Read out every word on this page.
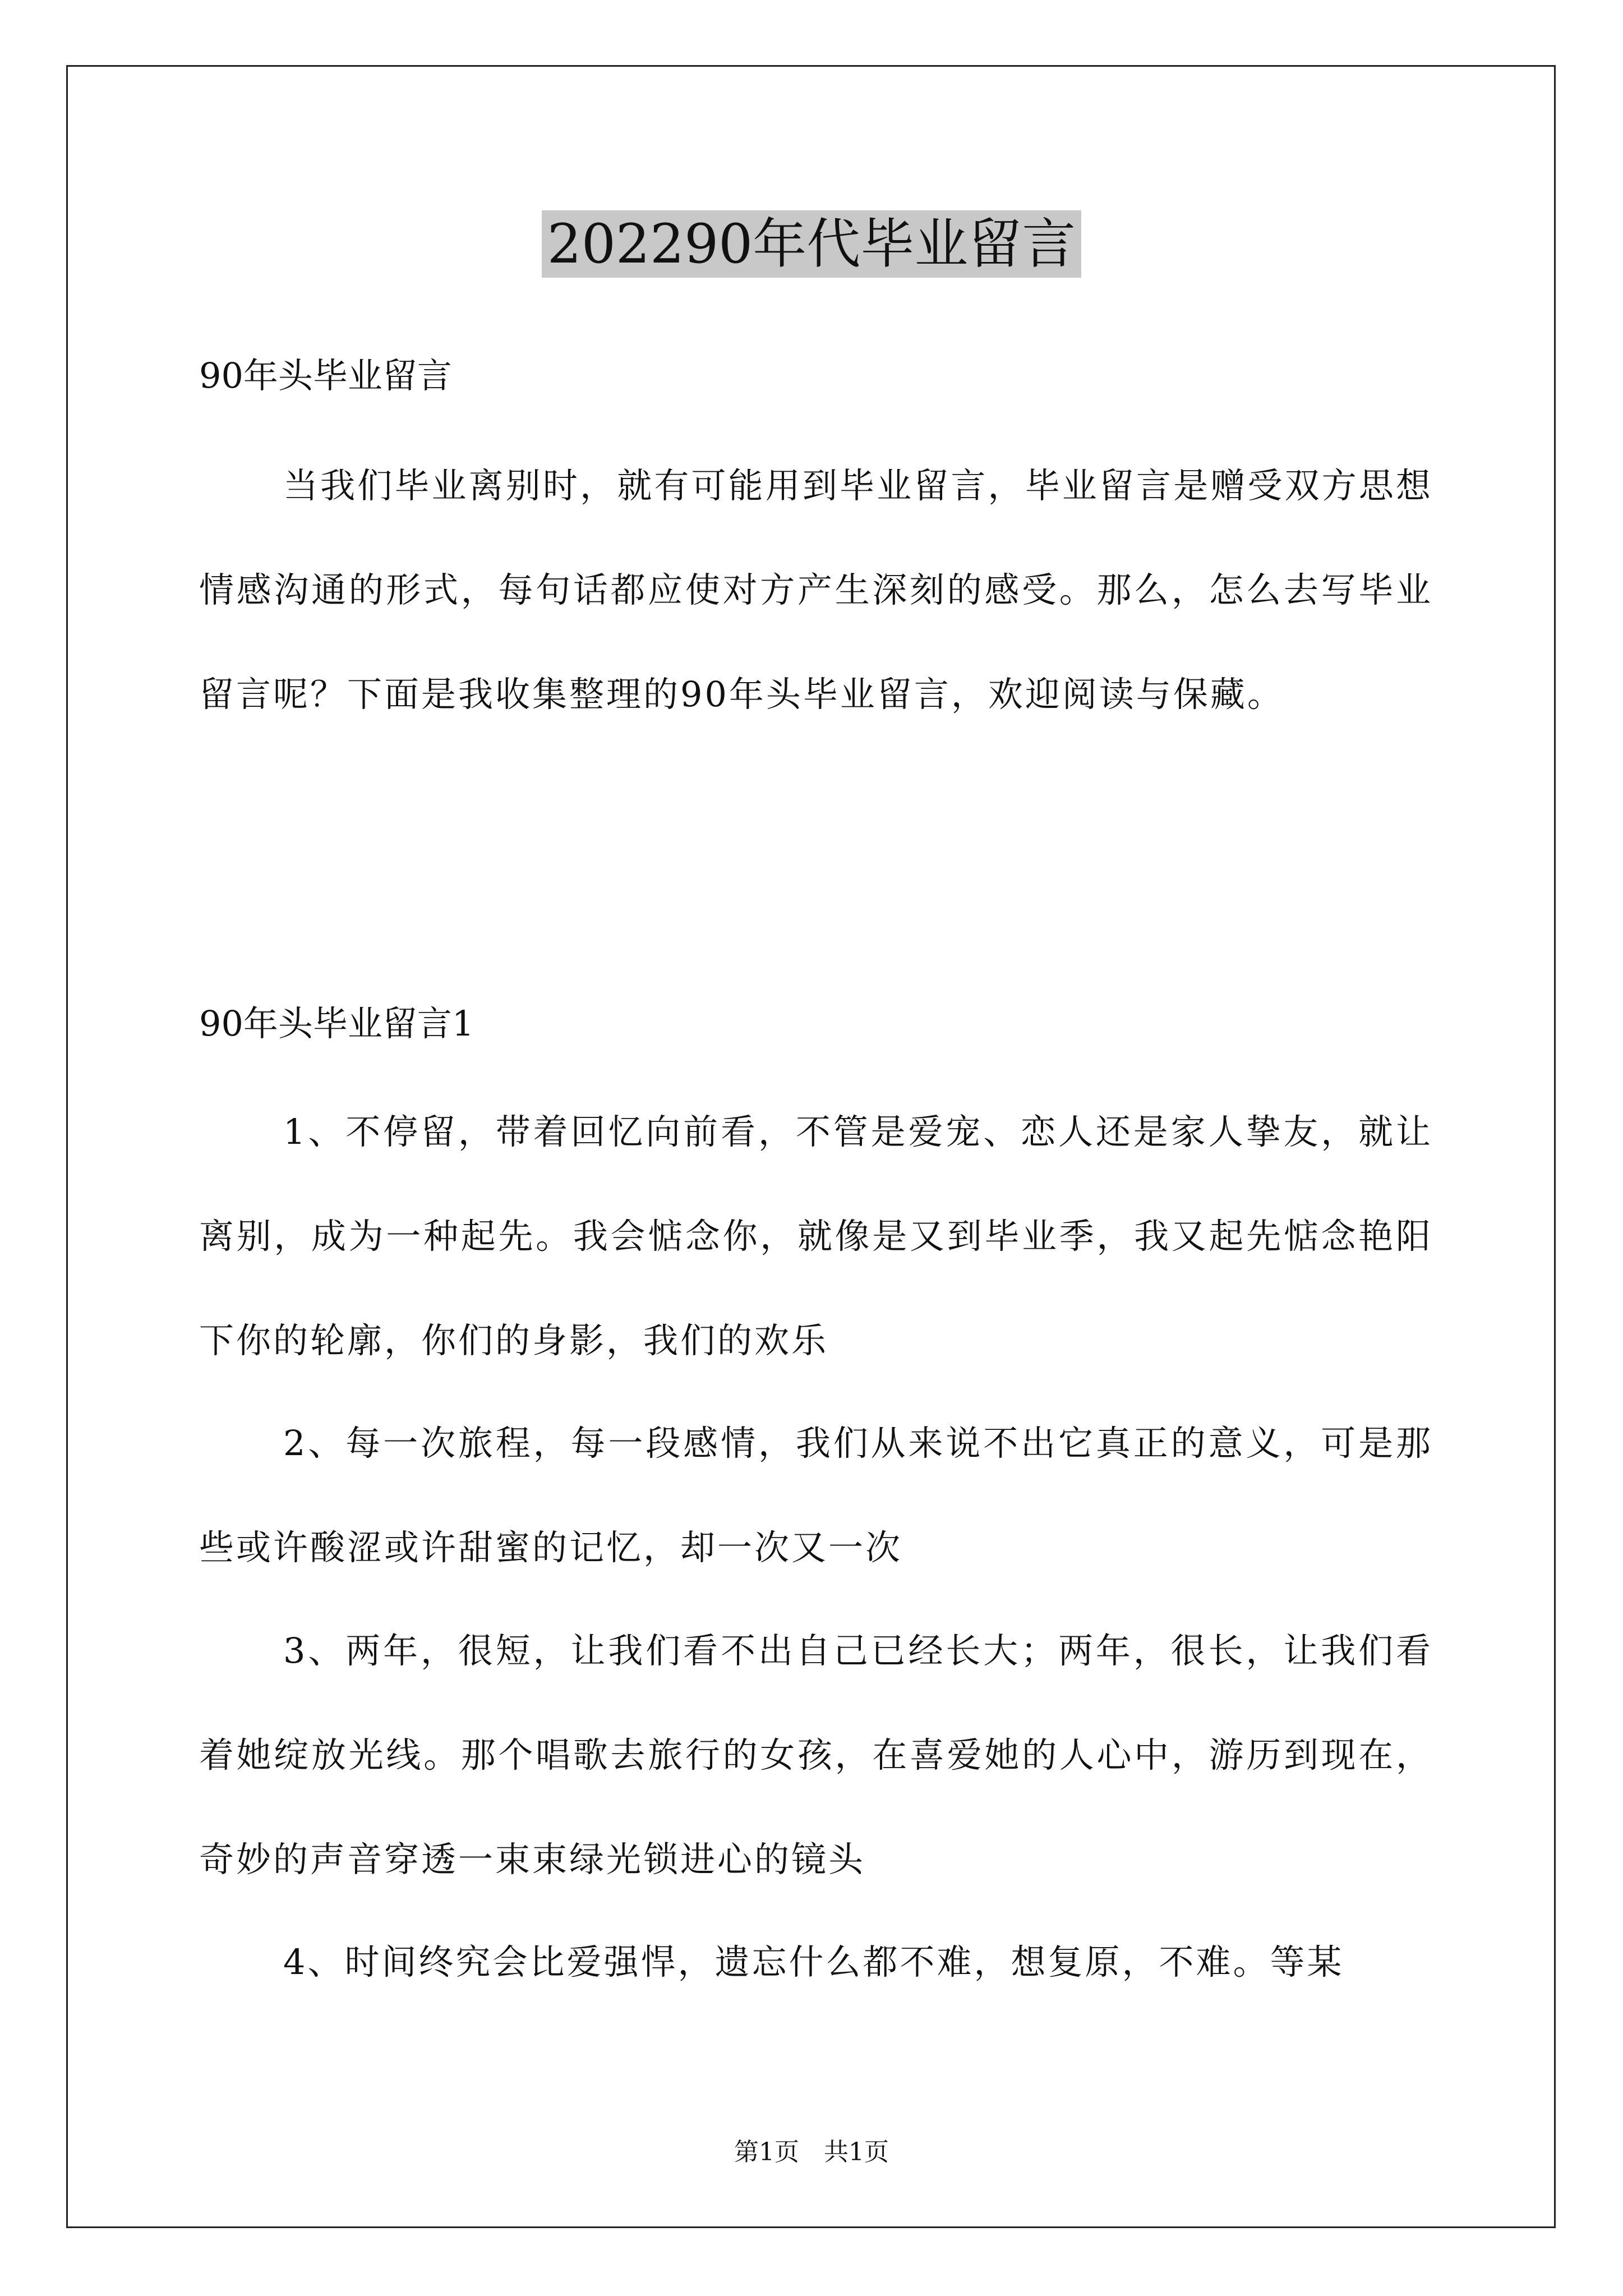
202290年代毕业留言
90年头毕业留言

当我们毕业离别时，就有可能用到毕业留言，毕业留言是赠受双方思想情感沟通的形式，每句话都应使对方产生深刻的感受。那么，怎么去写毕业留言呢？下面是我收集整理的90年头毕业留言，欢迎阅读与保藏。

90年头毕业留言1

1、不停留，带着回忆向前看，不管是爱宠、恋人还是家人挚友，就让离别，成为一种起先。我会惦念你，就像是又到毕业季，我又起先惦念艳阳下你的轮廓，你们的身影，我们的欢乐

2、每一次旅程，每一段感情，我们从来说不出它真正的意义，可是那些或许酸涩或许甜蜜的记忆，却一次又一次

3、两年，很短，让我们看不出自己已经长大；两年，很长，让我们看着她绽放光线。那个唱歌去旅行的女孩，在喜爱她的人心中，游历到现在，奇妙的声音穿透一束束绿光锁进心的镜头

4、时间终究会比爱强悍，遗忘什么都不难，想复原，不难。等某

第1页　共1页
